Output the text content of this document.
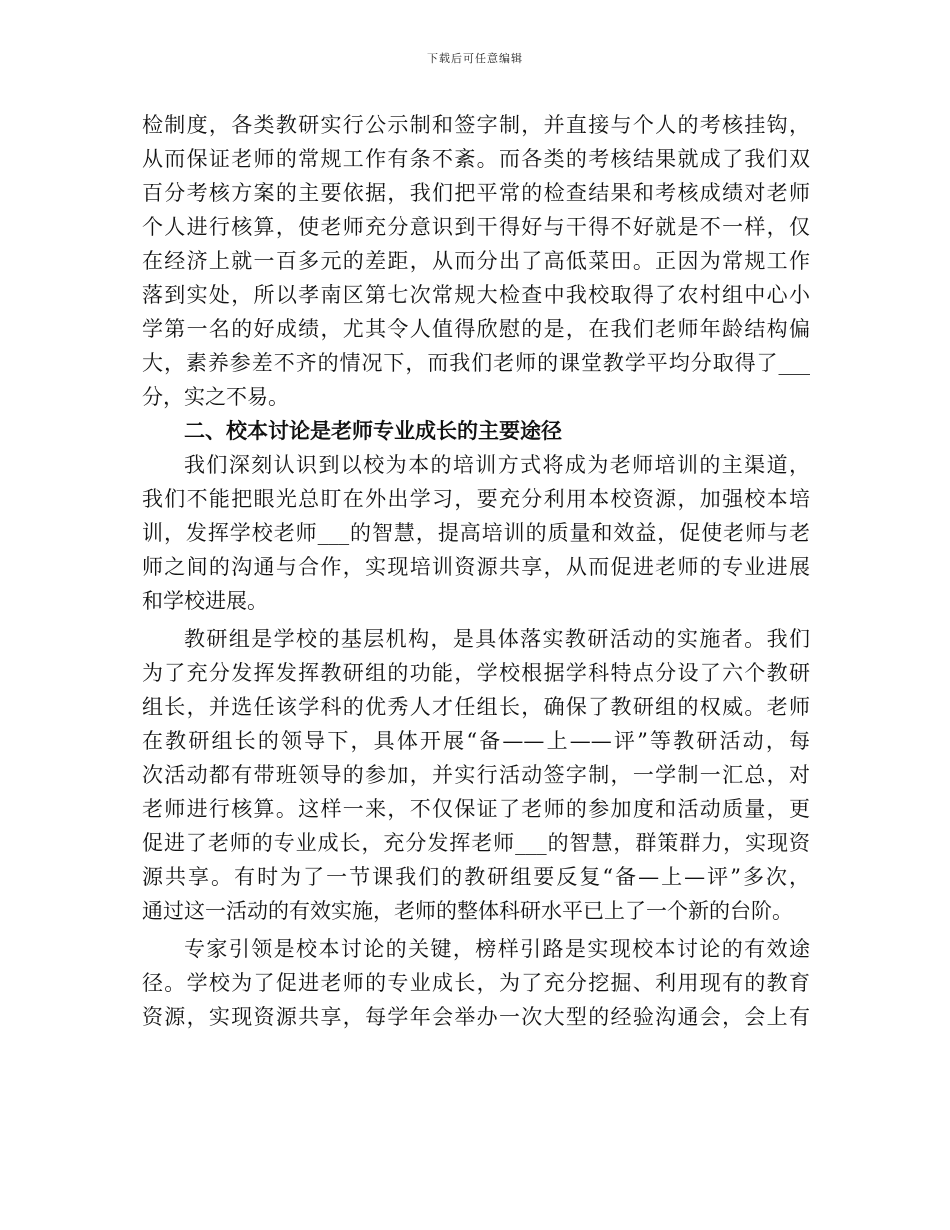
下载后可任意编辑
检制度，各类教研实行公示制和签字制，并直接与个人的考核挂钩，
从而保证老师的常规工作有条不紊。而各类的考核结果就成了我们双
百分考核方案的主要依据，我们把平常的检查结果和考核成绩对老师
个人进行核算，使老师充分意识到干得好与干得不好就是不一样，仅
在经济上就一百多元的差距，从而分出了高低菜田。正因为常规工作
落到实处，所以孝南区第七次常规大检查中我校取得了农村组中心小
学第一名的好成绩，尤其令人值得欣慰的是，在我们老师年龄结构偏
大，素养参差不齐的情况下，而我们老师的课堂教学平均分取得了___
分，实之不易。
二、校本讨论是老师专业成长的主要途径
我们深刻认识到以校为本的培训方式将成为老师培训的主渠道，
我们不能把眼光总盯在外出学习，要充分利用本校资源，加强校本培
训，发挥学校老师___的智慧，提高培训的质量和效益，促使老师与老
师之间的沟通与合作，实现培训资源共享，从而促进老师的专业进展
和学校进展。
教研组是学校的基层机构，是具体落实教研活动的实施者。我们
为了充分发挥发挥教研组的功能，学校根据学科特点分设了六个教研
组长，并选任该学科的优秀人才任组长，确保了教研组的权威。老师
在教研组长的领导下，具体开展“备——上——评”等教研活动，每
次活动都有带班领导的参加，并实行活动签字制，一学制一汇总，对
老师进行核算。这样一来，不仅保证了老师的参加度和活动质量，更
促进了老师的专业成长，充分发挥老师___的智慧，群策群力，实现资
源共享。有时为了一节课我们的教研组要反复“备—上—评”多次，
通过这一活动的有效实施，老师的整体科研水平已上了一个新的台阶。
专家引领是校本讨论的关键，榜样引路是实现校本讨论的有效途
径。学校为了促进老师的专业成长，为了充分挖掘、利用现有的教育
资源，实现资源共享，每学年会举办一次大型的经验沟通会，会上有
